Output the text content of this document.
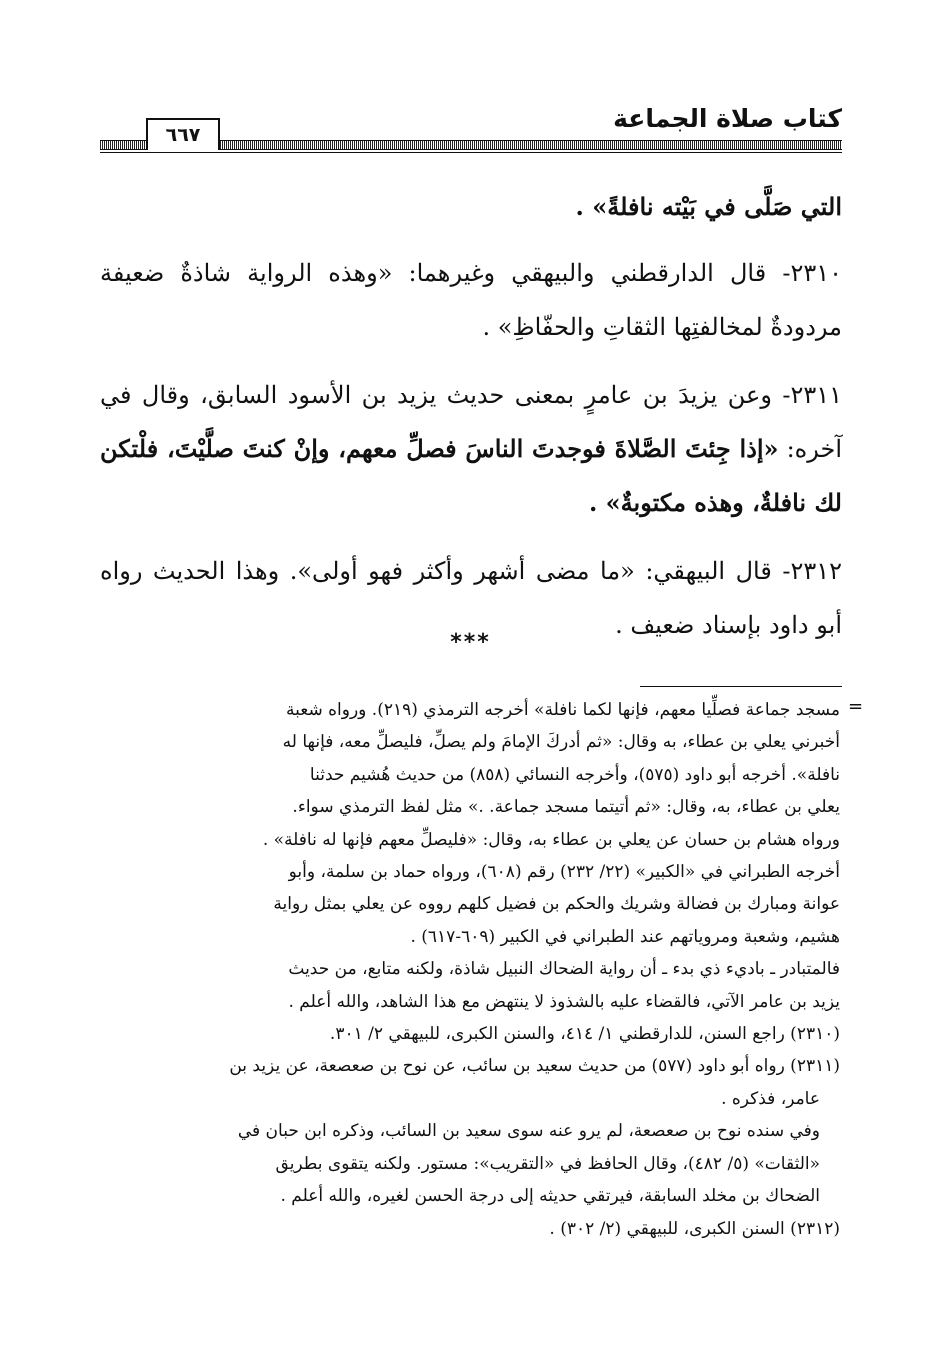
كتاب صلاة الجماعة
٦٦٧

التي صَلَّى في بَيْته نافلةً» .

٢٣١٠- قال الدارقطني والبيهقي وغيرهما: «وهذه الرواية شاذةٌ ضعيفة مردودةٌ لمخالفتِها الثقاتِ والحفّاظِ» .

٢٣١١- وعن يزيدَ بن عامرٍ بمعنى حديث يزيد بن الأسود السابق، وقال في آخره: «إذا جِئتَ الصَّلاةَ فوجدتَ الناسَ فصلِّ معهم، وإنْ كنتَ صلَّيْتَ، فلْتكن لك نافلةٌ، وهذه مكتوبةٌ» .

٢٣١٢- قال البيهقي: «ما مضى أشهر وأكثر فهو أولى». وهذا الحديث رواه أبو داود بإسناد ضعيف .

***
=

مسجد جماعة فصلِّيا معهم، فإنها لكما نافلة» أخرجه الترمذي (٢١٩). ورواه شعبة

أخبرني يعلي بن عطاء، به وقال: «ثم أدركَ الإمامَ ولم يصلِّ، فليصلِّ معه، فإنها له

نافلة». أخرجه أبو داود (٥٧٥)، وأخرجه النسائي (٨٥٨) من حديث هُشيم حدثنا

يعلي بن عطاء، به، وقال: «ثم أتيتما مسجد جماعة. .» مثل لفظ الترمذي سواء.

ورواه هشام بن حسان عن يعلي بن عطاء به، وقال: «فليصلِّ معهم فإنها له نافلة» .

أخرجه الطبراني في «الكبير» (٢٢/ ٢٣٢) رقم (٦٠٨)، ورواه حماد بن سلمة، وأبو

عوانة ومبارك بن فضالة وشريك والحكم بن فضيل كلهم رووه عن يعلي بمثل رواية

هشيم، وشعبة ومروياتهم عند الطبراني في الكبير (٦٠٩-٦١٧) .

فالمتبادر ـ باديء ذي بدء ـ أن رواية الضحاك النبيل شاذة، ولكنه متابع، من حديث

يزيد بن عامر الآتي، فالقضاء عليه بالشذوذ لا ينتهض مع هذا الشاهد، والله أعلم .

(٢٣١٠) راجع السنن، للدارقطني ١/ ٤١٤، والسنن الكبرى، للبيهقي ٢/ ٣٠١.

(٢٣١١) رواه أبو داود (٥٧٧) من حديث سعيد بن سائب، عن نوح بن صعصعة، عن يزيد بن

عامر، فذكره .

وفي سنده نوح بن صعصعة، لم يرو عنه سوى سعيد بن السائب، وذكره ابن حبان في

«الثقات» (٥/ ٤٨٢)، وقال الحافظ في «التقريب»: مستور. ولكنه يتقوى بطريق

الضحاك بن مخلد السابقة، فيرتقي حديثه إلى درجة الحسن لغيره، والله أعلم .

(٢٣١٢) السنن الكبرى، للبيهقي (٢/ ٣٠٢) .
